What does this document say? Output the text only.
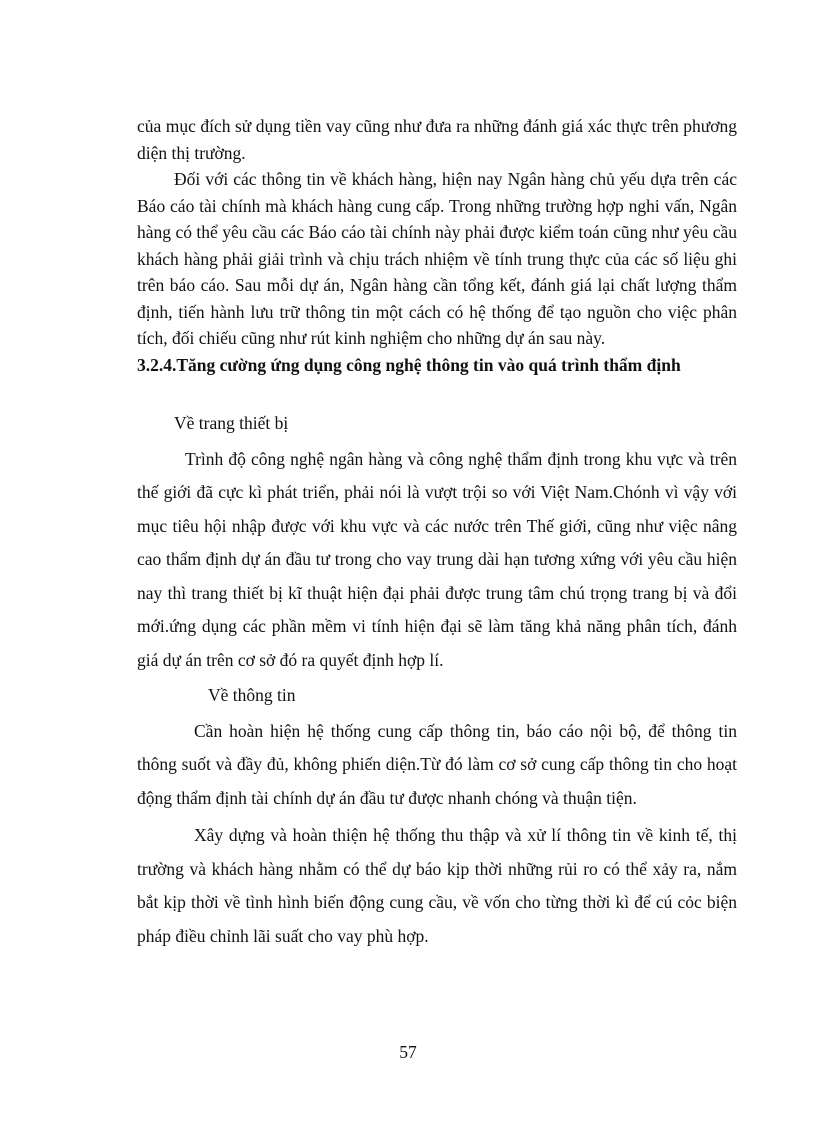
của mục đích sử dụng tiền vay cũng như đưa ra những đánh giá xác thực trên phương diện thị trường.

Đối với các thông tin về khách hàng, hiện nay Ngân hàng chủ yếu dựa trên các Báo cáo tài chính mà khách hàng cung cấp. Trong những trường hợp nghi vấn, Ngân hàng có thể yêu cầu các Báo cáo tài chính này phải được kiểm toán cũng như yêu cầu khách hàng phải giải trình và chịu trách nhiệm về tính trung thực của các số liệu ghi trên báo cáo. Sau mỗi dự án, Ngân hàng cần tổng kết, đánh giá lại chất lượng thẩm định, tiến hành lưu trữ thông tin một cách có hệ thống để tạo nguồn cho việc phân tích, đối chiếu cũng như rút kinh nghiệm cho những dự án sau này.

3.2.4.Tăng cường ứng dụng công nghệ thông tin vào quá trình thẩm định

Về trang thiết bị

Trình độ công nghệ ngân hàng và công nghệ thẩm định trong khu vực và trên thế giới đã cực kì phát triển, phải nói là vượt trội so với Việt Nam.Chónh vì vậy với mục tiêu hội nhập được với khu vực và các nước trên Thế giới, cũng như việc nâng cao thẩm định dự án đầu tư trong cho vay trung dài hạn tương xứng với yêu cầu hiện nay thì trang thiết bị kĩ thuật hiện đại phải được trung tâm chú trọng trang bị và đổi mới.ứng dụng các phần mềm vi tính hiện đại sẽ làm tăng khả năng phân tích, đánh giá dự án trên cơ sở đó ra quyết định hợp lí.

Về thông tin

Cần hoàn hiện hệ thống cung cấp thông tin, báo cáo nội bộ, để thông tin thông suốt và đầy đủ, không phiến diện.Từ đó làm cơ sở cung cấp thông tin cho hoạt động thẩm định tài chính dự án đầu tư được nhanh chóng và thuận tiện.

Xây dựng và hoàn thiện hệ thống thu thập và xử lí thông tin về kinh tế, thị trường và khách hàng nhằm có thể dự báo kịp thời những rủi ro có thể xảy ra, nắm bắt kịp thời về tình hình biến động cung cầu, về vốn cho từng thời kì để cú cỏc biện pháp điều chỉnh lãi suất cho vay phù hợp.

57
